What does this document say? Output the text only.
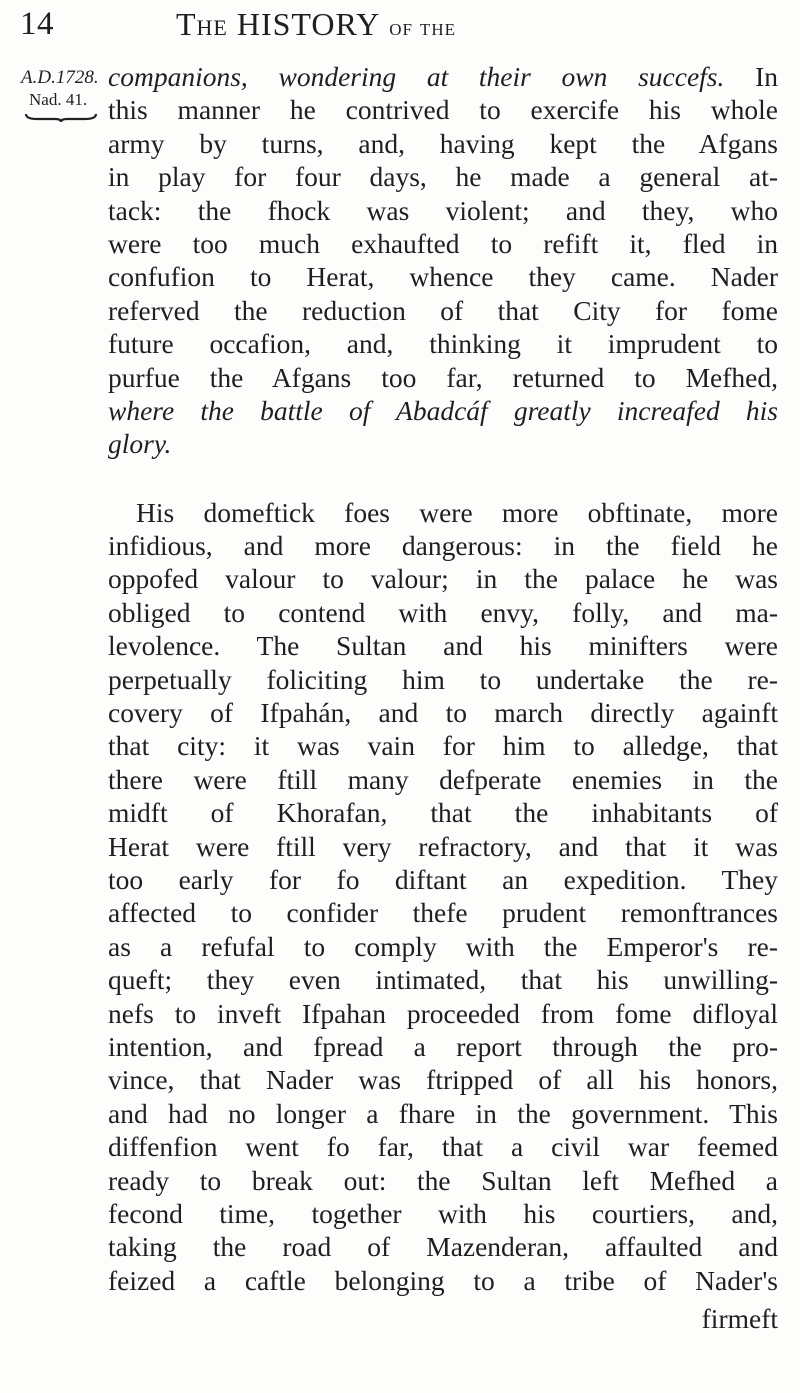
14	The HISTORY of the
A.D.1728.
Nad. 41.
companions, wondering at their own succefs. In
this manner he contrived to exercife his whole
army by turns, and, having kept the Afgans
in play for four days, he made a general at-
tack: the fhock was violent; and they, who
were too much exhaufted to refift it, fled in
confufion to Herat, whence they came. Nader
referved the reduction of that City for fome
future occafion, and, thinking it imprudent to
purfue the Afgans too far, returned to Mefhed,
where the battle of Abadcáf greatly increafed his
glory.
His domeftick foes were more obftinate, more
infidious, and more dangerous: in the field he
oppofed valour to valour; in the palace he was
obliged to contend with envy, folly, and ma-
levolence. The Sultan and his minifters were
perpetually foliciting him to undertake the re-
covery of Ifpahán, and to march directly againft
that city: it was vain for him to alledge, that
there were ftill many defperate enemies in the
midft of Khorafan, that the inhabitants of
Herat were ftill very refractory, and that it was
too early for fo diftant an expedition. They
affected to confider thefe prudent remonftrances
as a refufal to comply with the Emperor's re-
queft; they even intimated, that his unwilling-
nefs to inveft Ifpahan proceeded from fome difloyal
intention, and fpread a report through the pro-
vince, that Nader was ftripped of all his honors,
and had no longer a fhare in the government. This
diffenfion went fo far, that a civil war feemed
ready to break out: the Sultan left Mefhed a
fecond time, together with his courtiers, and,
taking the road of Mazenderan, affaulted and
feized a caftle belonging to a tribe of Nader's
firmeft
